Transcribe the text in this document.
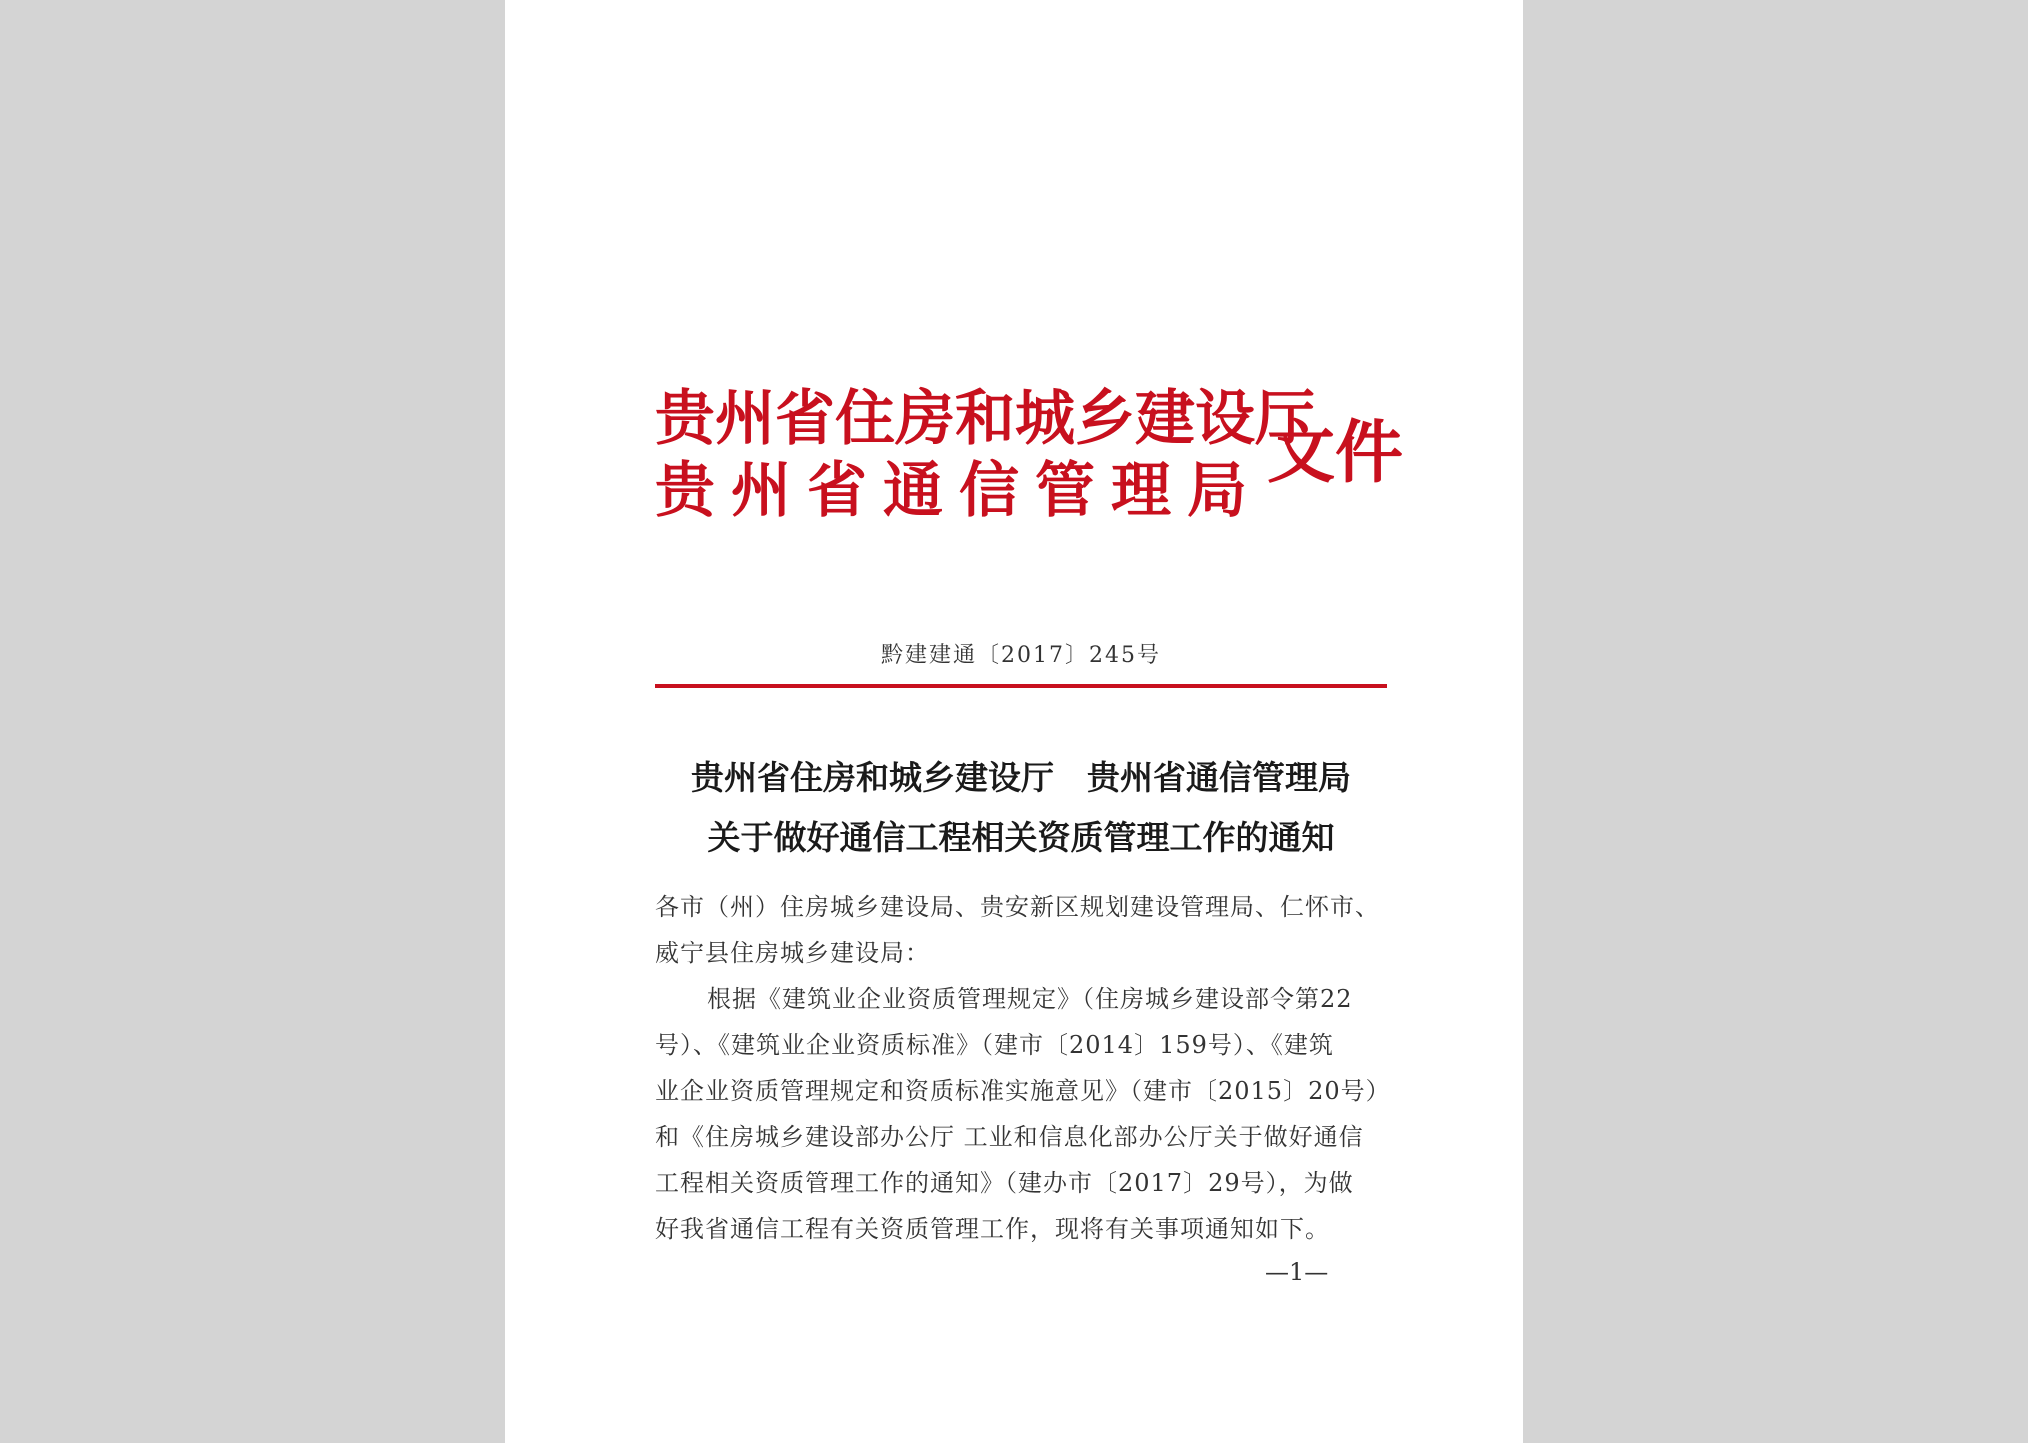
贵州省住房和城乡建设厅
贵州省通信管理局 文件
黔建建通〔2017〕245号
贵州省住房和城乡建设厅　贵州省通信管理局
关于做好通信工程相关资质管理工作的通知
各市（州）住房城乡建设局、贵安新区规划建设管理局、仁怀市、
威宁县住房城乡建设局：
根据《建筑业企业资质管理规定》（住房城乡建设部令第22
号）、《建筑业企业资质标准》（建市〔2014〕159号）、《建筑
业企业资质管理规定和资质标准实施意见》（建市〔2015〕20号）
和《住房城乡建设部办公厅 工业和信息化部办公厅关于做好通信
工程相关资质管理工作的通知》（建办市〔2017〕29号），为做
好我省通信工程有关资质管理工作，现将有关事项通知如下。
—1—
